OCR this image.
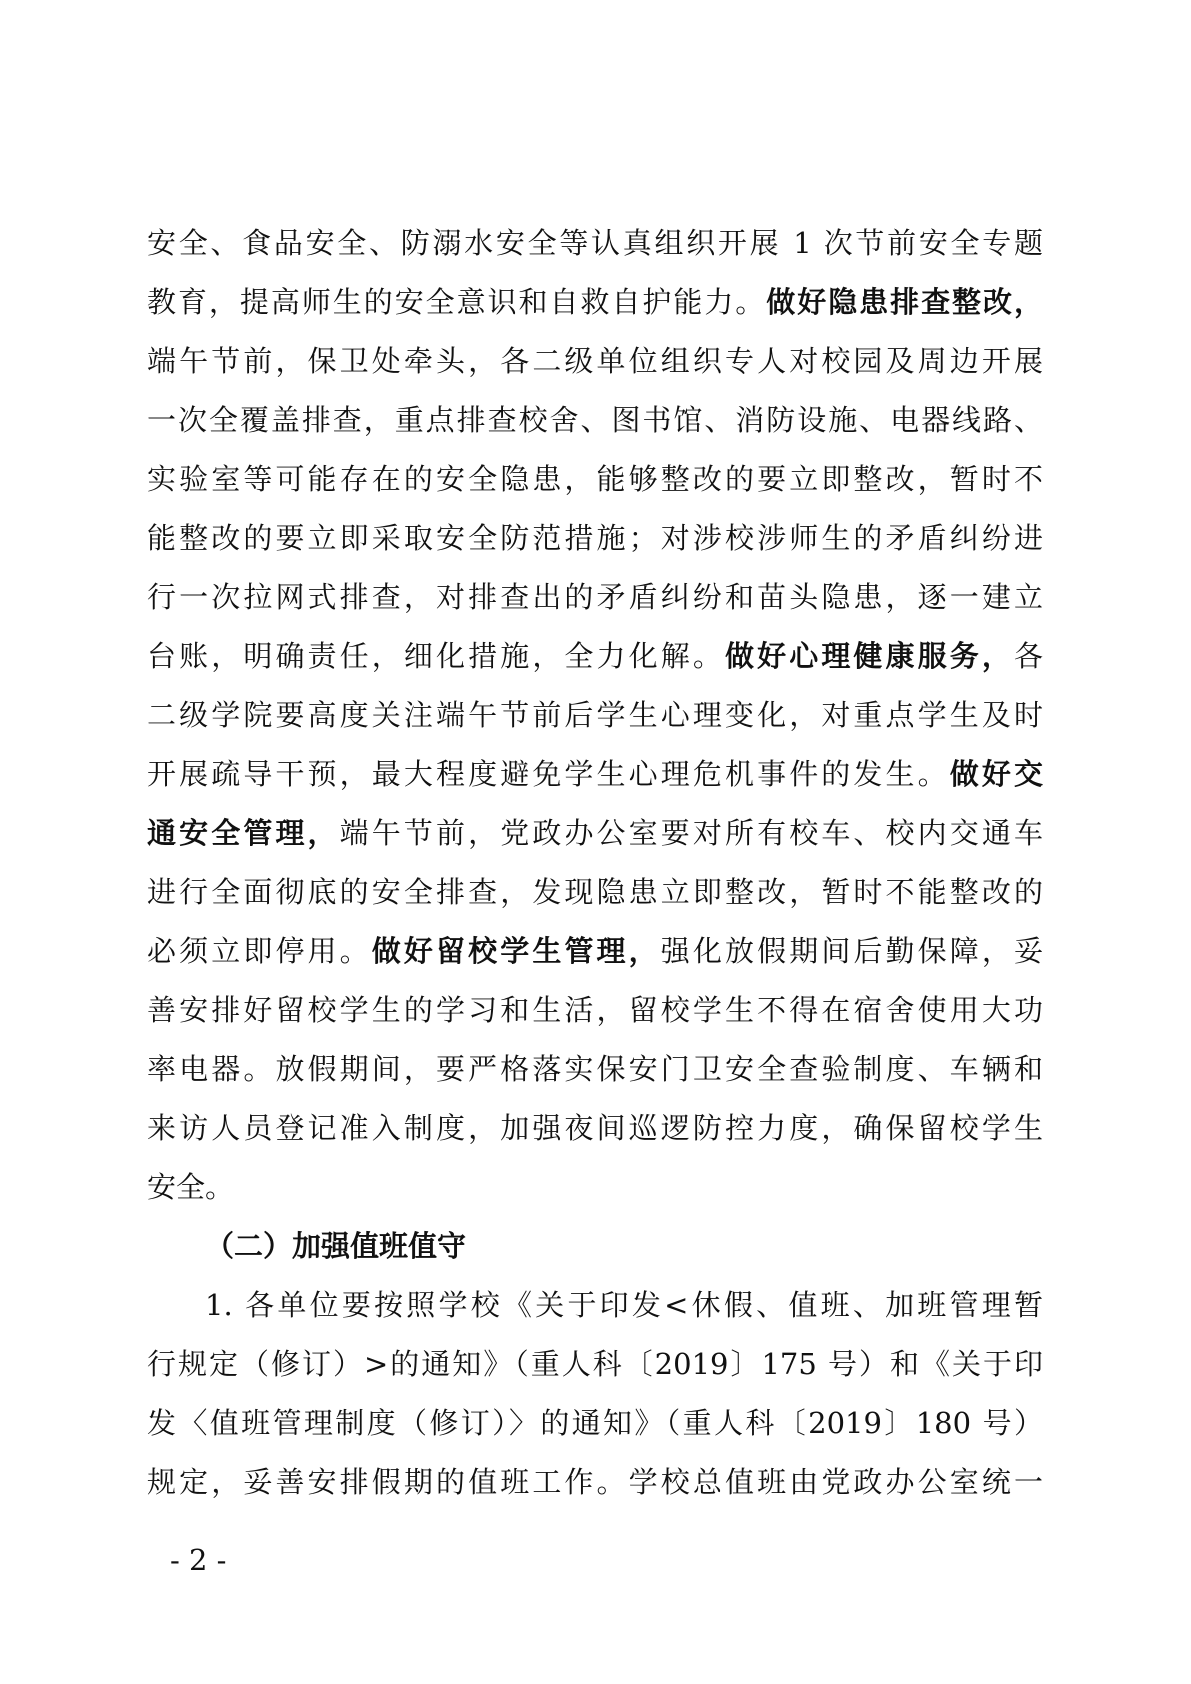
安全、食品安全、防溺水安全等认真组织开展 1 次节前安全专题
教育，提高师生的安全意识和自救自护能力。做好隐患排查整改，
端午节前，保卫处牵头，各二级单位组织专人对校园及周边开展
一次全覆盖排查，重点排查校舍、图书馆、消防设施、电器线路、
实验室等可能存在的安全隐患，能够整改的要立即整改，暂时不
能整改的要立即采取安全防范措施；对涉校涉师生的矛盾纠纷进
行一次拉网式排查，对排查出的矛盾纠纷和苗头隐患，逐一建立
台账，明确责任，细化措施，全力化解。做好心理健康服务，各
二级学院要高度关注端午节前后学生心理变化，对重点学生及时
开展疏导干预，最大程度避免学生心理危机事件的发生。做好交
通安全管理，端午节前，党政办公室要对所有校车、校内交通车
进行全面彻底的安全排查，发现隐患立即整改，暂时不能整改的
必须立即停用。做好留校学生管理，强化放假期间后勤保障，妥
善安排好留校学生的学习和生活，留校学生不得在宿舍使用大功
率电器。放假期间，要严格落实保安门卫安全查验制度、车辆和
来访人员登记准入制度，加强夜间巡逻防控力度，确保留校学生
安全。
（二）加强值班值守
1. 各单位要按照学校《关于印发<休假、值班、加班管理暂
行规定（修订）>的通知》（重人科〔2019〕175 号）和《关于印
发〈值班管理制度（修订）〉的通知》（重人科〔2019〕180 号）
规定，妥善安排假期的值班工作。学校总值班由党政办公室统一
- 2 -
